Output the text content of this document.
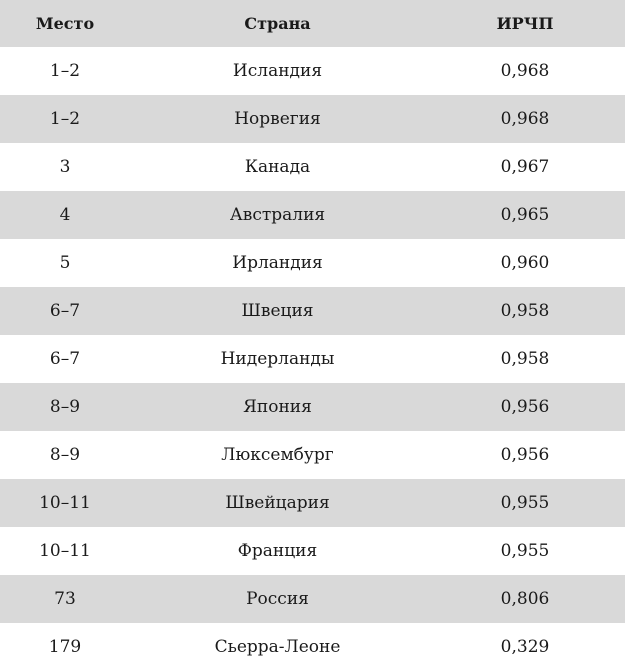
Место	Страна	ИРЧП
1–2	Исландия	0,968
1–2	Норвегия	0,968
3	Канада	0,967
4	Австралия	0,965
5	Ирландия	0,960
6–7	Швеция	0,958
6–7	Нидерланды	0,958
8–9	Япония	0,956
8–9	Люксембург	0,956
10–11	Швейцария	0,955
10–11	Франция	0,955
73	Россия	0,806
179	Сьерра-Леоне	0,329
